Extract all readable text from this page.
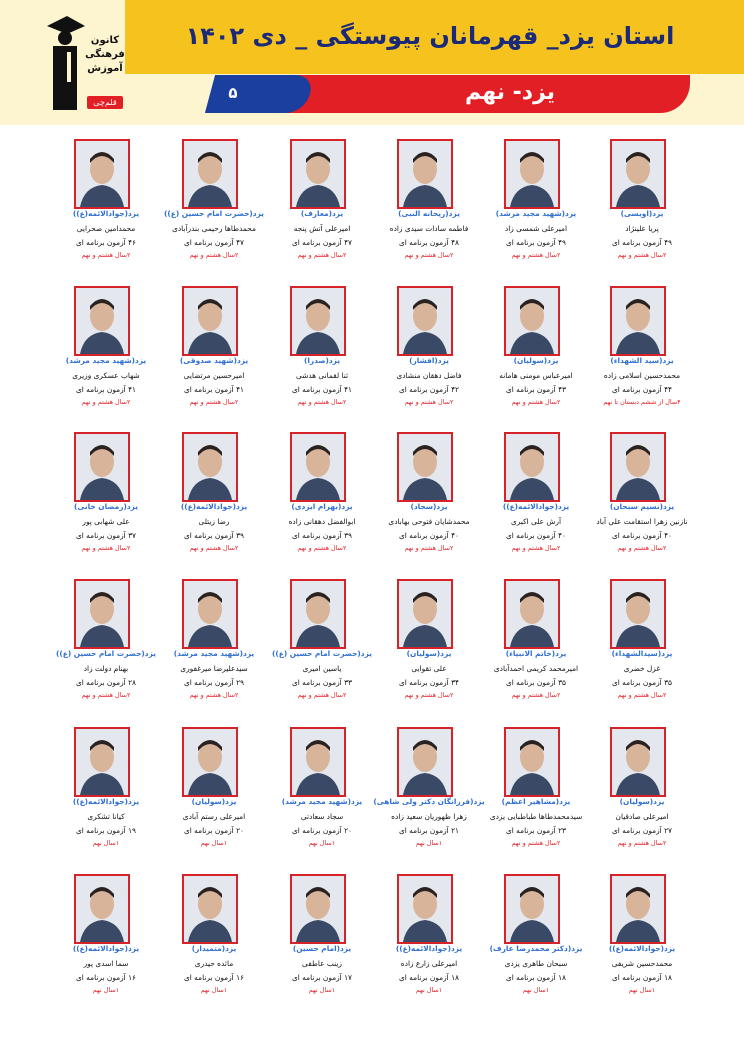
استان یزد_ قهرمانان پیوستگی _ دی ۱۴۰۲
۵	یزد- نهم
کانون
فرهنگی
آموزش
قلم‌چی
یزد(اویسی)
پریا علینژاد
۴۹ آزمون برنامه ای
۲سال هشتم و نهم
یزد(شهید مجید مرشد)
امیرعلی شمسی زاد
۴۹ آزمون برنامه ای
۲سال هشتم و نهم
یزد(ریحانه النبی)
فاطمه سادات سیدی زاده
۴۸ آزمون برنامه ای
۲سال هشتم و نهم
یزد(معارف)
امیرعلی آتش پنجه
۴۷ آزمون برنامه ای
۲سال هشتم و نهم
یزد(حضرت امام حسین (ع))
محمدطاها رحیمی بندرآبادی
۴۷ آزمون برنامه ای
۲سال هشتم و نهم
یزد(جوادالائمه(ع))
محمدامین صحرایی
۴۶ آزمون برنامه ای
۲سال هشتم و نهم
یزد(سید الشهداء)
محمدحسین اسلامی زاده
۴۴ آزمون برنامه ای
۴سال از ششم دبستان تا نهم
یزد(سولیان)
امیرعباس مومنی هامانه
۴۳ آزمون برنامه ای
۲سال هشتم و نهم
یزد(افشار)
فاضل دهقان منشادی
۴۲ آزمون برنامه ای
۲سال هشتم و نهم
یزد(صدرا)
ثنا لقمانی هدشی
۴۱ آزمون برنامه ای
۲سال هشتم و نهم
یزد(شهید صدوقی)
امیرحسین مرتضایی
۴۱ آزمون برنامه ای
۲سال هشتم و نهم
یزد(شهید مجید مرشد)
شهاب عسکری وزیری
۴۱ آزمون برنامه ای
۲سال هشتم و نهم
یزد(نسیم سبحان)
نازنین زهرا استقامت علی آباد
۴۰ آزمون برنامه ای
۲سال هشتم و نهم
یزد(جوادالائمه(ع))
آرش علی اکبری
۴۰ آزمون برنامه ای
۲سال هشتم و نهم
یزد(سجاد)
محمدشایان فتوحی بهابادی
۴۰ آزمون برنامه ای
۲سال هشتم و نهم
یزد(بهرام ایزدی)
ابوالفضل دهقانی زاده
۳۹ آزمون برنامه ای
۲سال هشتم و نهم
یزد(جوادالائمه(ع))
رضا زیتلی
۳۹ آزمون برنامه ای
۲سال هشتم و نهم
یزد(رمضان خانی)
علی شهابی پور
۳۷ آزمون برنامه ای
۲سال هشتم و نهم
یزد(سیدالشهداء)
غزل خضری
۳۵ آزمون برنامه ای
۲سال هشتم و نهم
یزد(خاتم الانبیاء)
امیرمحمد کریمی احمدآبادی
۳۵ آزمون برنامه ای
۲سال هشتم و نهم
یزد(سولیان)
علی تقوایی
۳۴ آزمون برنامه ای
۲سال هشتم و نهم
یزد(حضرت امام حسین (ع))
یاسین امیری
۳۳ آزمون برنامه ای
۲سال هشتم و نهم
یزد(شهید مجید مرشد)
سیدعلیرضا میرغفوری
۲۹ آزمون برنامه ای
۲سال هشتم و نهم
یزد(حضرت امام حسین (ع))
بهنام دولت زاد
۲۸ آزمون برنامه ای
۲سال هشتم و نهم
یزد(سولیان)
امیرعلی صادقیان
۲۷ آزمون برنامه ای
۲سال هشتم و نهم
یزد(مشاهیر اعظم)
سیدمحمدطاها طباطبایی یزدی
۲۳ آزمون برنامه ای
۲سال هشتم و نهم
یزد(فرزانگان دکتر ولی شاهی)
زهرا ظهوریان سعید زاده
۲۱ آزمون برنامه ای
۱سال نهم
یزد(شهید مجید مرشد)
سجاد سعادتی
۲۰ آزمون برنامه ای
۱سال نهم
یزد(سولیان)
امیرعلی رستم آبادی
۲۰ آزمون برنامه ای
۱سال نهم
یزد(جوادالائمه(ع))
کیانا تشکری
۱۹ آزمون برنامه ای
۱سال نهم
یزد(جوادالائمه(ع))
محمدحسین شریفی
۱۸ آزمون برنامه ای
۱سال نهم
یزد(دکتر محمدرضا عارف)
سبحان طاهری یزدی
۱۸ آزمون برنامه ای
۱سال نهم
یزد(جوادالائمه(ع))
امیرعلی زارع زاده
۱۸ آزمون برنامه ای
۱سال نهم
یزد(امام حسین)
زینب عاطفی
۱۷ آزمون برنامه ای
۱سال نهم
یزد(متمیدار)
مائده حیدری
۱۶ آزمون برنامه ای
۱سال نهم
یزد(جوادالائمه(ع))
سما اسدی پور
۱۶ آزمون برنامه ای
۱سال نهم
